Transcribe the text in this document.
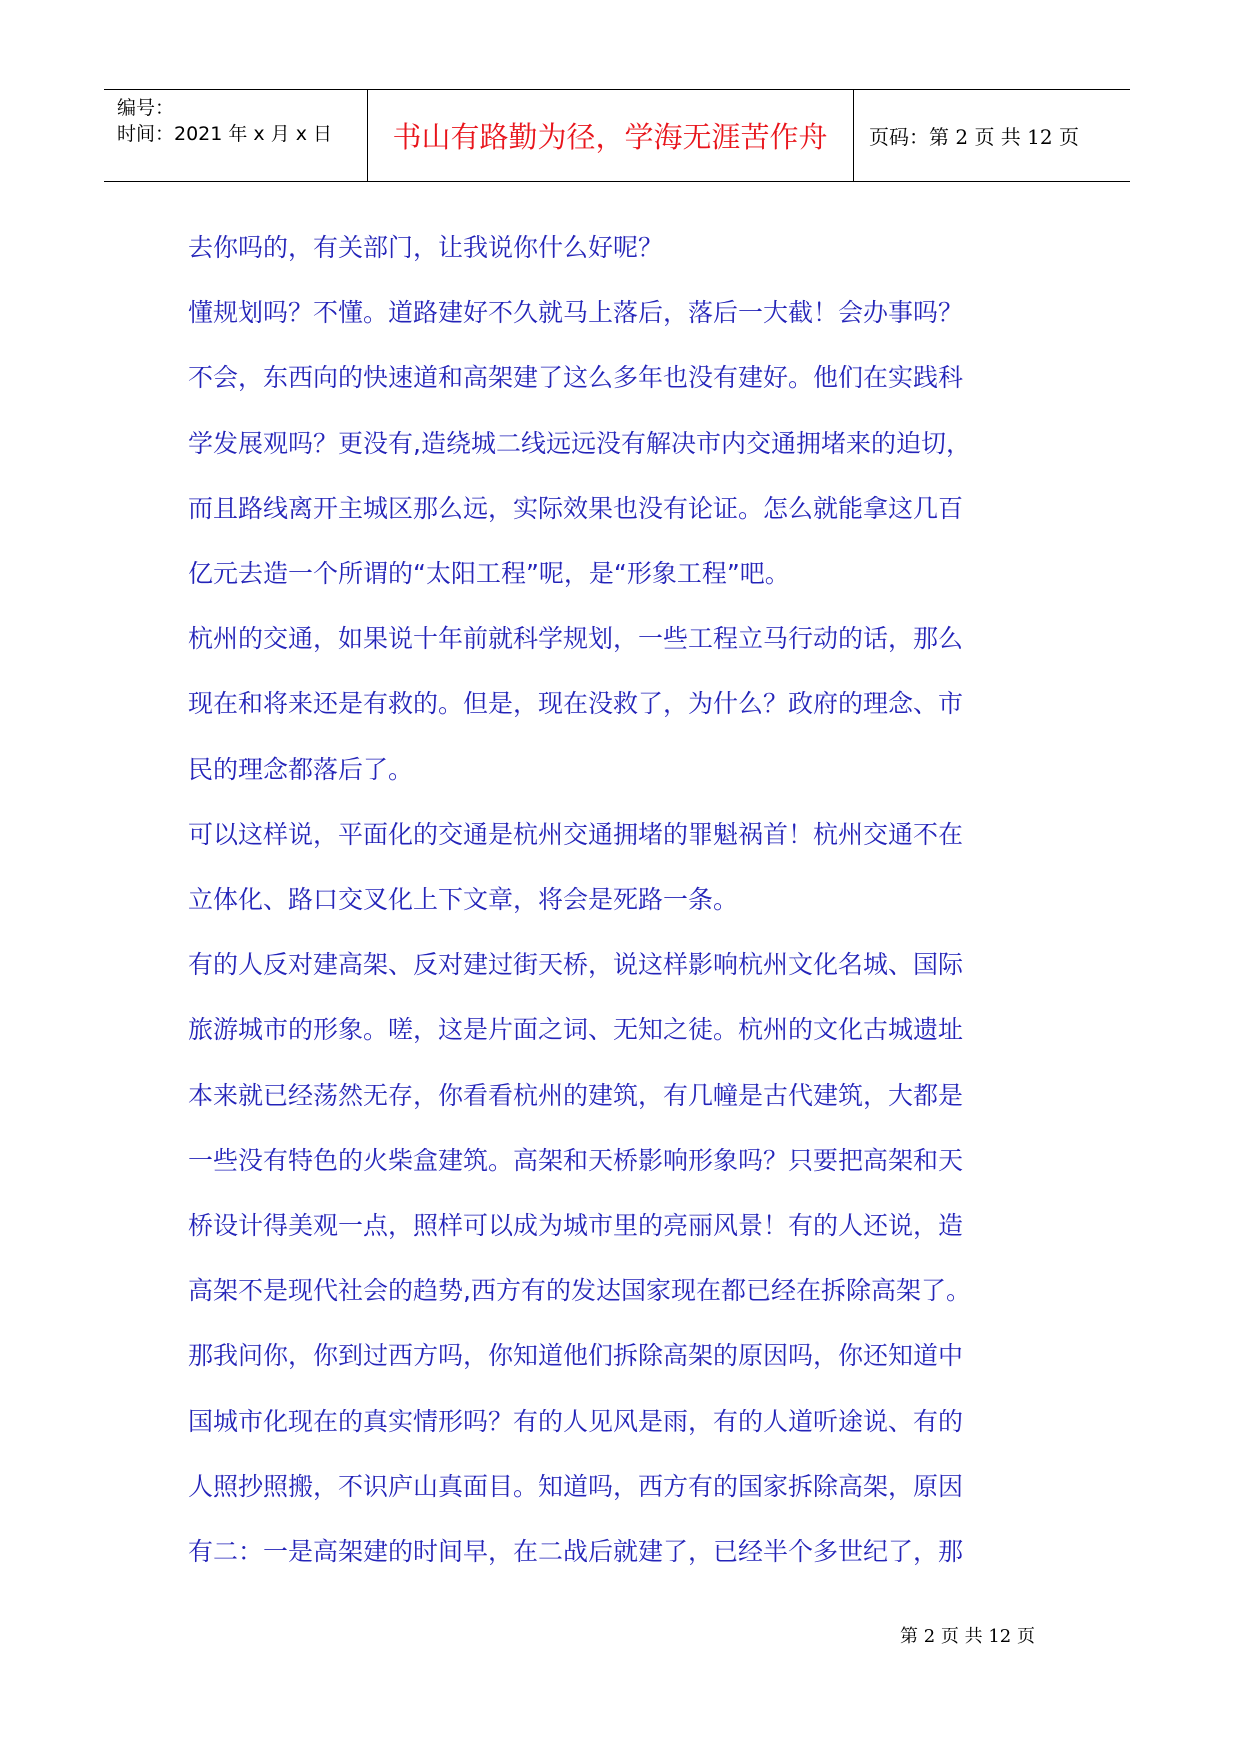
编号：
时间：2021 年 x 月 x 日 书山有路勤为径，学海无涯苦作舟 页码：第 2 页 共 12 页

去你吗的，有关部门，让我说你什么好呢？

懂规划吗？不懂。道路建好不久就马上落后，落后一大截！会办事吗？

不会，东西向的快速道和高架建了这么多年也没有建好。他们在实践科

学发展观吗？更没有,造绕城二线远远没有解决市内交通拥堵来的迫切，

而且路线离开主城区那么远，实际效果也没有论证。怎么就能拿这几百

亿元去造一个所谓的“太阳工程”呢，是“形象工程”吧。

杭州的交通，如果说十年前就科学规划，一些工程立马行动的话，那么

现在和将来还是有救的。但是，现在没救了，为什么？政府的理念、市

民的理念都落后了。

可以这样说，平面化的交通是杭州交通拥堵的罪魁祸首！杭州交通不在

立体化、路口交叉化上下文章，将会是死路一条。

有的人反对建高架、反对建过街天桥，说这样影响杭州文化名城、国际

旅游城市的形象。嗟，这是片面之词、无知之徒。杭州的文化古城遗址

本来就已经荡然无存，你看看杭州的建筑，有几幢是古代建筑，大都是

一些没有特色的火柴盒建筑。高架和天桥影响形象吗？只要把高架和天

桥设计得美观一点，照样可以成为城市里的亮丽风景！有的人还说，造

高架不是现代社会的趋势,西方有的发达国家现在都已经在拆除高架了。

那我问你，你到过西方吗，你知道他们拆除高架的原因吗，你还知道中

国城市化现在的真实情形吗？有的人见风是雨，有的人道听途说、有的

人照抄照搬，不识庐山真面目。知道吗，西方有的国家拆除高架，原因

有二：一是高架建的时间早，在二战后就建了，已经半个多世纪了，那

第 2 页 共 12 页
